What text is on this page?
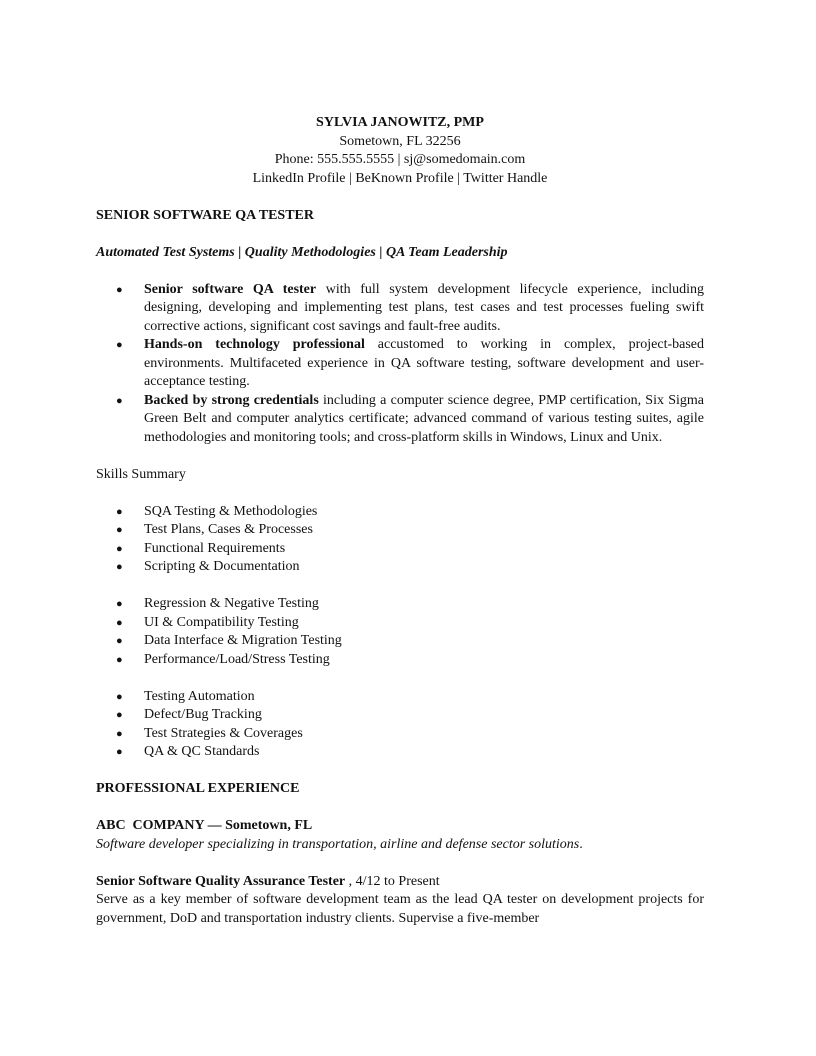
SYLVIA JANOWITZ, PMP
Sometown, FL 32256
Phone: 555.555.5555 | sj@somedomain.com
LinkedIn Profile | BeKnown Profile | Twitter Handle
SENIOR SOFTWARE QA TESTER
Automated Test Systems | Quality Methodologies | QA Team Leadership
● Senior software QA tester with full system development lifecycle experience, including designing, developing and implementing test plans, test cases and test processes fueling swift corrective actions, significant cost savings and fault-free audits.
● Hands-on technology professional accustomed to working in complex, project-based environments. Multifaceted experience in QA software testing, software development and user-acceptance testing.
● Backed by strong credentials including a computer science degree, PMP certification, Six Sigma Green Belt and computer analytics certificate; advanced command of various testing suites, agile methodologies and monitoring tools; and cross-platform skills in Windows, Linux and Unix.
Skills Summary
● SQA Testing & Methodologies
● Test Plans, Cases & Processes
● Functional Requirements
● Scripting & Documentation
● Regression & Negative Testing
● UI & Compatibility Testing
● Data Interface & Migration Testing
● Performance/Load/Stress Testing
● Testing Automation
● Defect/Bug Tracking
● Test Strategies & Coverages
● QA & QC Standards
PROFESSIONAL EXPERIENCE
ABC  COMPANY — Sometown, FL
Software developer specializing in transportation, airline and defense sector solutions.
Senior Software Quality Assurance Tester , 4/12 to Present
Serve as a key member of software development team as the lead QA tester on development projects for government, DoD and transportation industry clients. Supervise a five-member
